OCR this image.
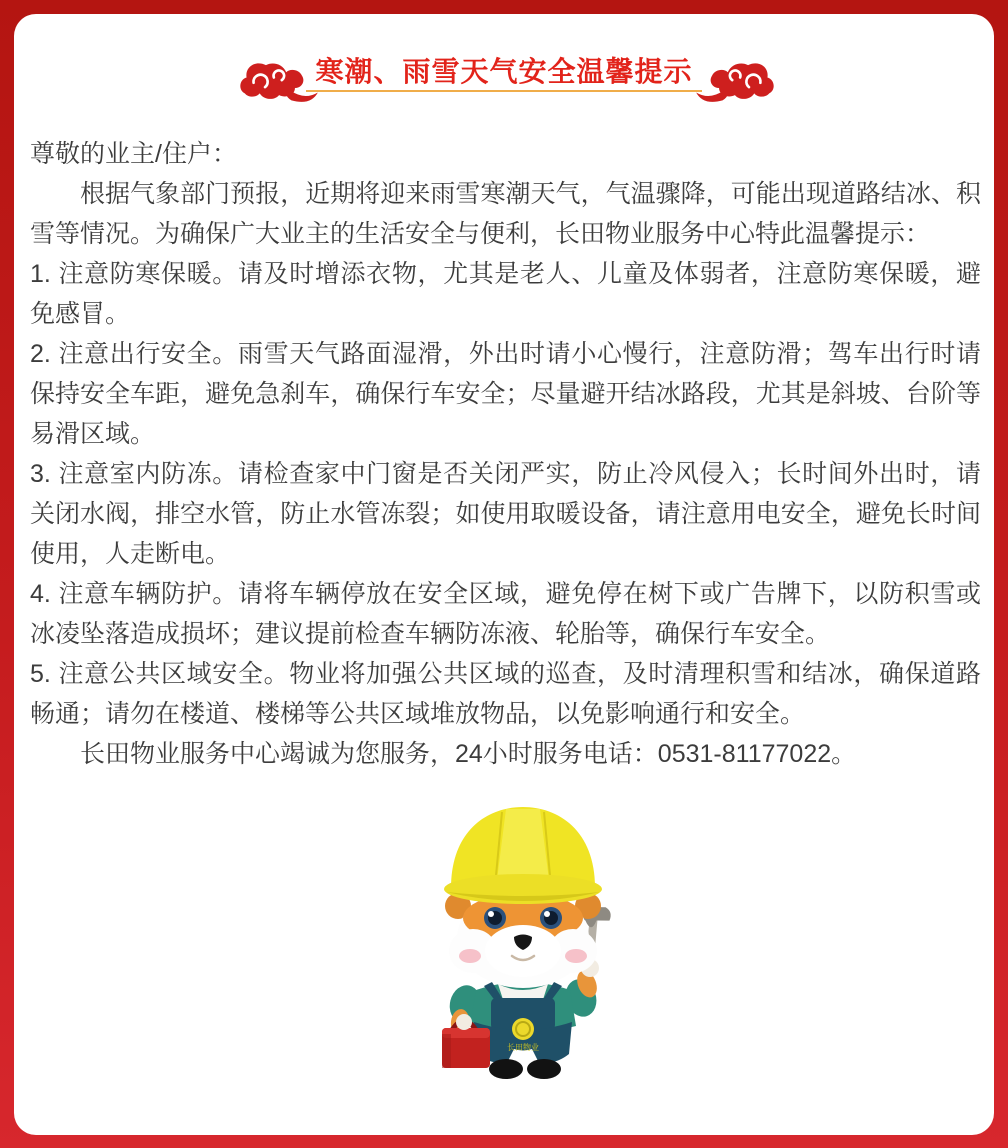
寒潮、雨雪天气安全温馨提示

尊敬的业主/住户：

根据气象部门预报，近期将迎来雨雪寒潮天气，气温骤降，可能出现道路结冰、积雪等情况。为确保广大业主的生活安全与便利，长田物业服务中心特此温馨提示：

1. 注意防寒保暖。请及时增添衣物，尤其是老人、儿童及体弱者，注意防寒保暖，避免感冒。

2. 注意出行安全。雨雪天气路面湿滑，外出时请小心慢行，注意防滑；驾车出行时请保持安全车距，避免急刹车，确保行车安全；尽量避开结冰路段，尤其是斜坡、台阶等易滑区域。

3. 注意室内防冻。请检查家中门窗是否关闭严实，防止冷风侵入；长时间外出时，请关闭水阀，排空水管，防止水管冻裂；如使用取暖设备，请注意用电安全，避免长时间使用，人走断电。

4. 注意车辆防护。请将车辆停放在安全区域，避免停在树下或广告牌下，以防积雪或冰凌坠落造成损坏；建议提前检查车辆防冻液、轮胎等，确保行车安全。

5. 注意公共区域安全。物业将加强公共区域的巡查，及时清理积雪和结冰，确保道路畅通；请勿在楼道、楼梯等公共区域堆放物品，以免影响通行和安全。

长田物业服务中心竭诚为您服务，24小时服务电话：0531-81177022。

长田物业
